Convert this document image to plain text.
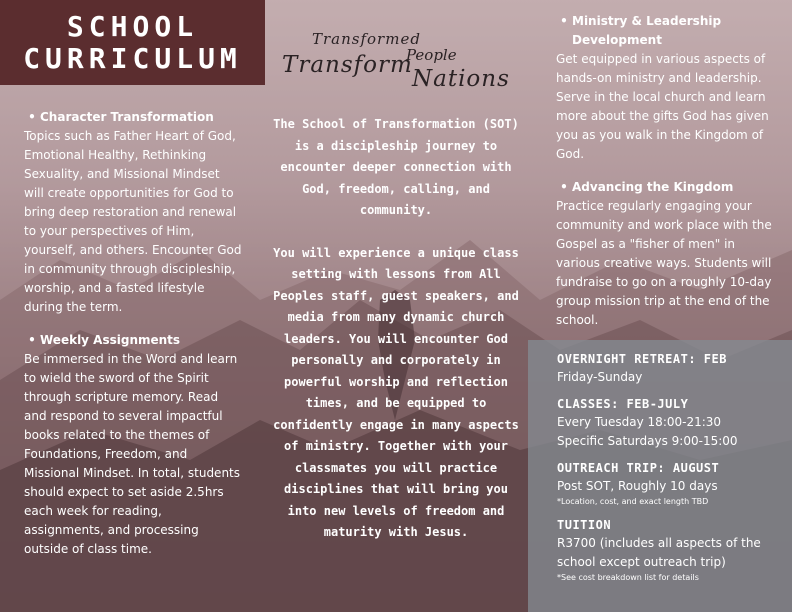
SCHOOL
CURRICULUM
Transformed
People
Transform
Nations
• Character Transformation
Topics such as Father Heart of God, Emotional Healthy, Rethinking Sexuality, and Missional Mindset will create opportunities for God to bring deep restoration and renewal to your perspectives of Him, yourself, and others. Encounter God in community through discipleship, worship, and a fasted lifestyle during the term.
• Weekly Assignments
Be immersed in the Word and learn to wield the sword of the Spirit through scripture memory. Read and respond to several impactful books related to the themes of Foundations, Freedom, and Missional Mindset. In total, students should expect to set aside 2.5hrs each week for reading, assignments, and processing outside of class time.

The School of Transformation (SOT) is a discipleship journey to encounter deeper connection with God, freedom, calling, and community.

You will experience a unique class setting with lessons from All Peoples staff, guest speakers, and media from many dynamic church leaders. You will encounter God personally and corporately in powerful worship and reflection times, and be equipped to confidently engage in many aspects of ministry. Together with your classmates you will practice disciplines that will bring you into new levels of freedom and maturity with Jesus.

• Ministry & Leadership
Development
Get equipped in various aspects of hands-on ministry and leadership. Serve in the local church and learn more about the gifts God has given you as you walk in the Kingdom of God.
• Advancing the Kingdom
Practice regularly engaging your community and work place with the Gospel as a "fisher of men" in various creative ways. Students will fundraise to go on a roughly 10-day group mission trip at the end of the school.
OVERNIGHT RETREAT: FEB
Friday-Sunday
CLASSES: FEB-JULY
Every Tuesday 18:00-21:30
Specific Saturdays 9:00-15:00
OUTREACH TRIP: AUGUST
Post SOT, Roughly 10 days
*Location, cost, and exact length TBD
TUITION
R3700 (includes all aspects of the school except outreach trip)
*See cost breakdown list for details
